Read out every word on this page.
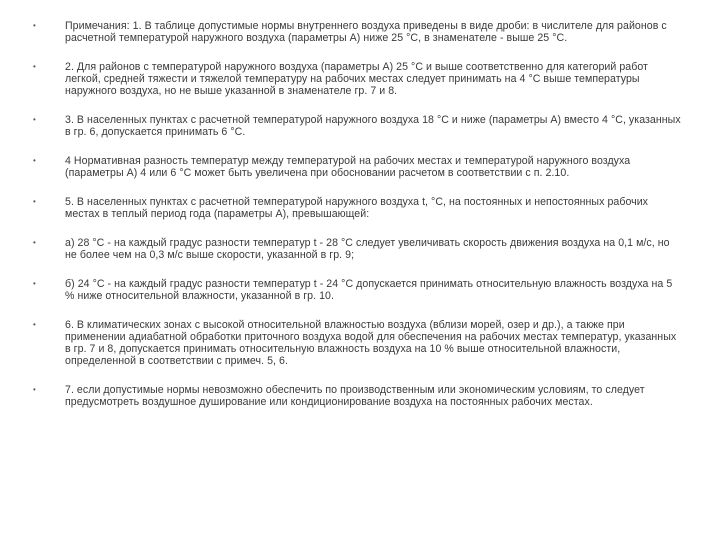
•	Примечания: 1. В таблице допустимые нормы внутреннего воздуха приведены в виде дроби: в числителе для районов с расчетной температурой наружного воздуха (параметры А) ниже 25 °С, в знаменателе - выше 25 °С.
•	2. Для районов с температурой наружного воздуха (параметры А) 25 °С и выше соответственно для категорий работ легкой, средней тяжести и тяжелой температуру на рабочих местах следует принимать на 4 °С выше температуры наружного воздуха, но не выше указанной в знаменателе гр. 7 и 8.
•	3. В населенных пунктах с расчетной температурой наружного воздуха 18 °С и ниже (параметры А) вместо 4 °С, указанных в гр. 6, допускается принимать 6 °С.
•	4 Нормативная разность температур между температурой на рабочих местах и температурой наружного воздуха (параметры А) 4 или 6 °С может быть увеличена при обосновании расчетом в соответствии с п. 2.10.
•	5. В населенных пунктах с расчетной температурой наружного воздуха t, °С, на постоянных и непостоянных рабочих местах в теплый период года (параметры А), превышающей:
•	а) 28 °С - на каждый градус разности температур t - 28 °С следует увеличивать скорость движения воздуха на 0,1 м/с, но не более чем на 0,3 м/с выше скорости, указанной в гр. 9;
•	б) 24 °С - на каждый градус разности температур t - 24 °С допускается принимать относительную влажность воздуха на 5 % ниже относительной влажности, указанной в гр. 10.
•	6. В климатических зонах с высокой относительной влажностью воздуха (вблизи морей, озер и др.), а также при применении адиабатной обработки приточного воздуха водой для обеспечения на рабочих местах температур, указанных в гр. 7 и 8, допускается принимать относительную влажность воздуха на 10 % выше относительной влажности, определенной в соответствии с примеч. 5, 6.
•	7. если допустимые нормы невозможно обеспечить по производственным или экономическим условиям, то следует предусмотреть воздушное душирование или кондиционирование воздуха на постоянных рабочих местах.
